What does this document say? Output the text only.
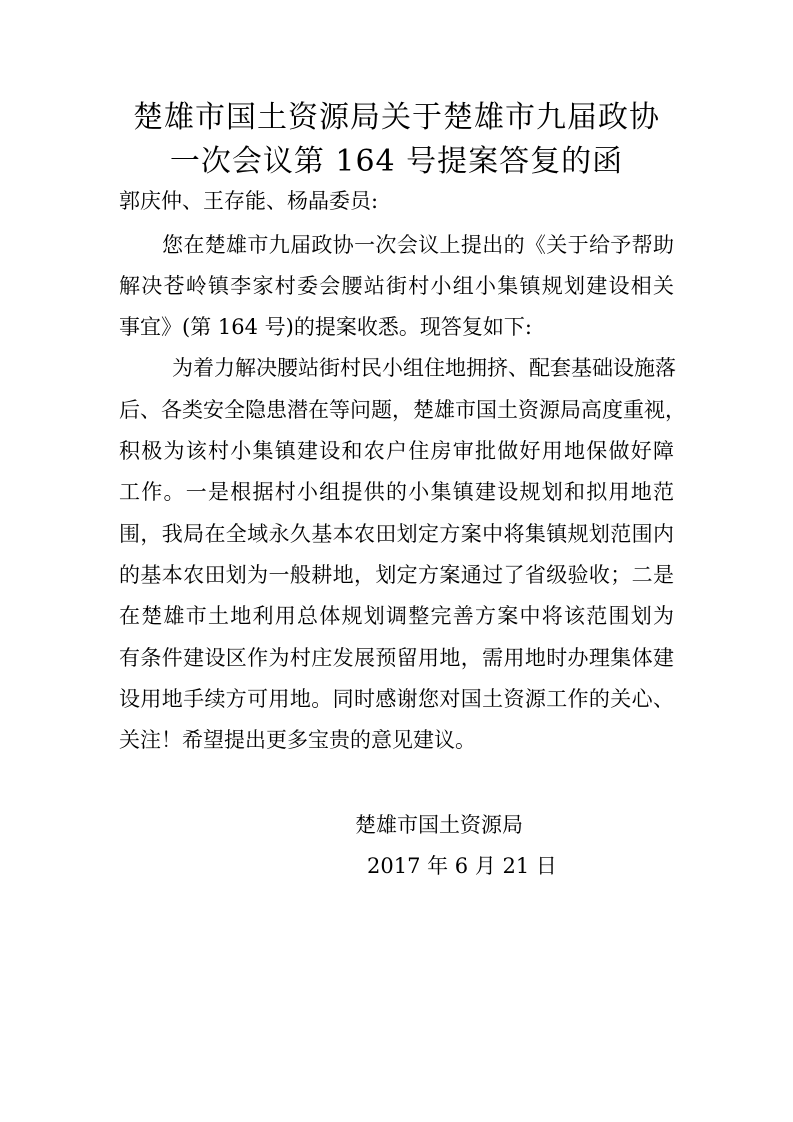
楚雄市国土资源局关于楚雄市九届政协
一次会议第 164 号提案答复的函
郭庆仲、王存能、杨晶委员:
您在楚雄市九届政协一次会议上提出的《关于给予帮助
解决苍岭镇李家村委会腰站街村小组小集镇规划建设相关
事宜》(第 164 号)的提案收悉。现答复如下:
为着力解决腰站街村民小组住地拥挤、配套基础设施落
后、各类安全隐患潜在等问题，楚雄市国土资源局高度重视，
积极为该村小集镇建设和农户住房审批做好用地保做好障
工作。一是根据村小组提供的小集镇建设规划和拟用地范
围，我局在全域永久基本农田划定方案中将集镇规划范围内
的基本农田划为一般耕地，划定方案通过了省级验收；二是
在楚雄市土地利用总体规划调整完善方案中将该范围划为
有条件建设区作为村庄发展预留用地，需用地时办理集体建
设用地手续方可用地。同时感谢您对国土资源工作的关心、
关注！希望提出更多宝贵的意见建议。
楚雄市国土资源局
2017 年 6 月 21 日
